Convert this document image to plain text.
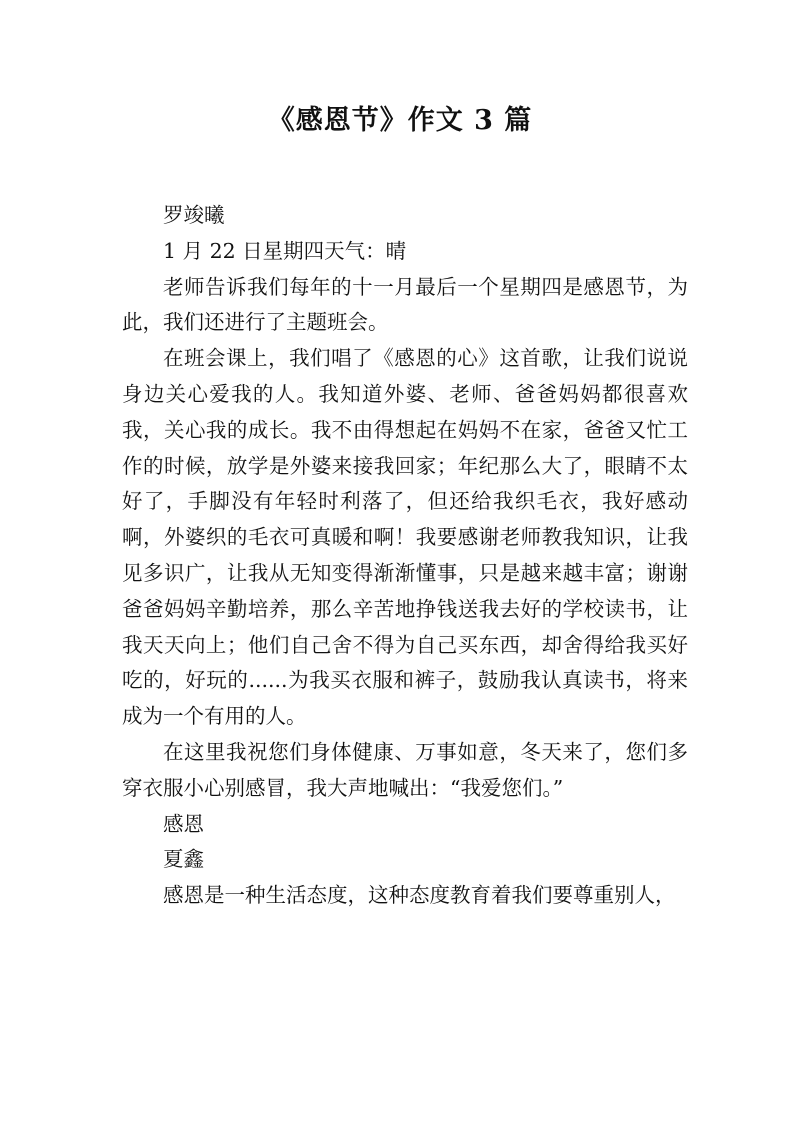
《感恩节》作文 3 篇

罗竣曦

1 月 22 日星期四天气：晴

老师告诉我们每年的十一月最后一个星期四是感恩节，为此，我们还进行了主题班会。

在班会课上，我们唱了《感恩的心》这首歌，让我们说说身边关心爱我的人。我知道外婆、老师、爸爸妈妈都很喜欢我，关心我的成长。我不由得想起在妈妈不在家，爸爸又忙工作的时候，放学是外婆来接我回家；年纪那么大了，眼睛不太好了，手脚没有年轻时利落了，但还给我织毛衣，我好感动啊，外婆织的毛衣可真暖和啊！我要感谢老师教我知识，让我见多识广，让我从无知变得渐渐懂事，只是越来越丰富；谢谢爸爸妈妈辛勤培养，那么辛苦地挣钱送我去好的学校读书，让我天天向上；他们自己舍不得为自己买东西，却舍得给我买好吃的，好玩的......为我买衣服和裤子，鼓励我认真读书，将来成为一个有用的人。

在这里我祝您们身体健康、万事如意，冬天来了，您们多穿衣服小心别感冒，我大声地喊出：“我爱您们。”

感恩

夏鑫

感恩是一种生活态度，这种态度教育着我们要尊重别人，
